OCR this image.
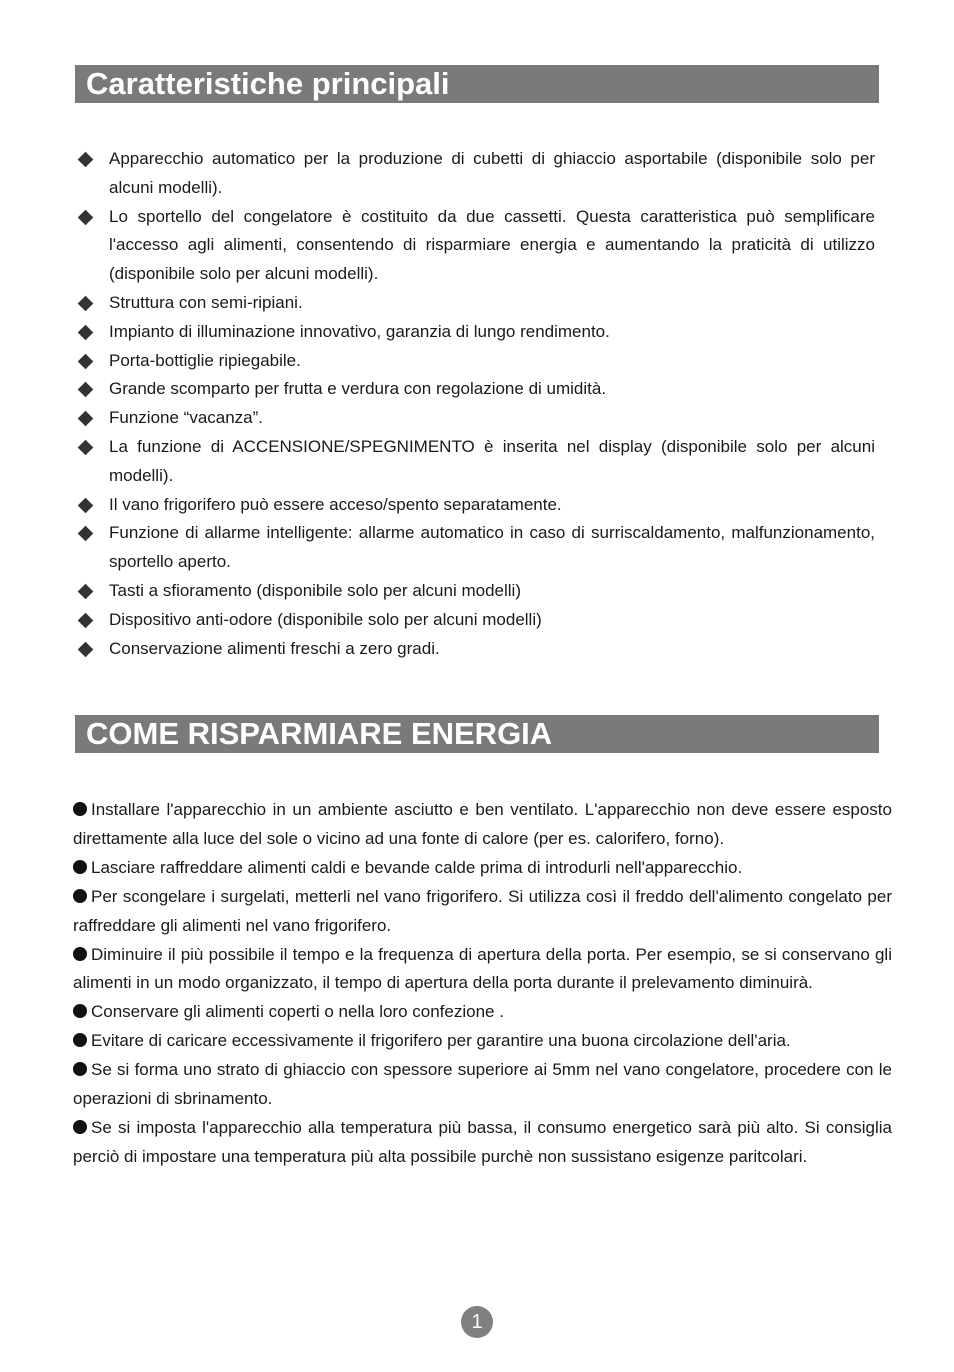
Caratteristiche principali
Apparecchio automatico per la produzione di cubetti di ghiaccio asportabile (disponibile solo per alcuni modelli).
Lo sportello del congelatore è costituito da due cassetti. Questa caratteristica può semplificare l'accesso agli alimenti, consentendo di risparmiare energia e aumentando la praticità di utilizzo (disponibile solo per alcuni modelli).
Struttura con semi-ripiani.
Impianto di illuminazione innovativo, garanzia di lungo rendimento.
Porta-bottiglie ripiegabile.
Grande scomparto per frutta e verdura con regolazione di umidità.
Funzione “vacanza”.
La funzione di ACCENSIONE/SPEGNIMENTO è inserita nel display (disponibile solo per alcuni modelli).
Il vano frigorifero può essere acceso/spento separatamente.
Funzione di allarme intelligente: allarme automatico in caso di surriscaldamento, malfunzionamento, sportello aperto.
Tasti a sfioramento (disponibile solo per alcuni modelli)
Dispositivo anti-odore (disponibile solo per alcuni modelli)
Conservazione alimenti freschi a zero gradi.
COME RISPARMIARE ENERGIA
Installare l'apparecchio in un ambiente asciutto e ben ventilato. L'apparecchio non deve essere esposto direttamente alla luce del sole o vicino ad una fonte di calore (per es. calorifero, forno).
Lasciare raffreddare alimenti caldi e bevande calde prima di introdurli nell'apparecchio.
Per scongelare i surgelati, metterli nel vano frigorifero. Si utilizza così il freddo dell'alimento congelato per raffreddare gli alimenti nel vano frigorifero.
Diminuire il più possibile il tempo e la frequenza di apertura della porta. Per esempio, se si conservano gli alimenti in un modo organizzato, il tempo di apertura della porta durante il prelevamento diminuirà.
Conservare gli alimenti coperti o nella loro confezione .
Evitare di caricare eccessivamente il frigorifero per garantire una buona circolazione dell'aria.
Se si forma uno strato di ghiaccio con spessore superiore ai 5mm nel vano congelatore, procedere con le operazioni di sbrinamento.
Se si imposta l'apparecchio alla temperatura più bassa, il consumo energetico sarà più alto. Si consiglia perciò di impostare una temperatura più alta possibile purchè non sussistano esigenze paritcolari.
1
